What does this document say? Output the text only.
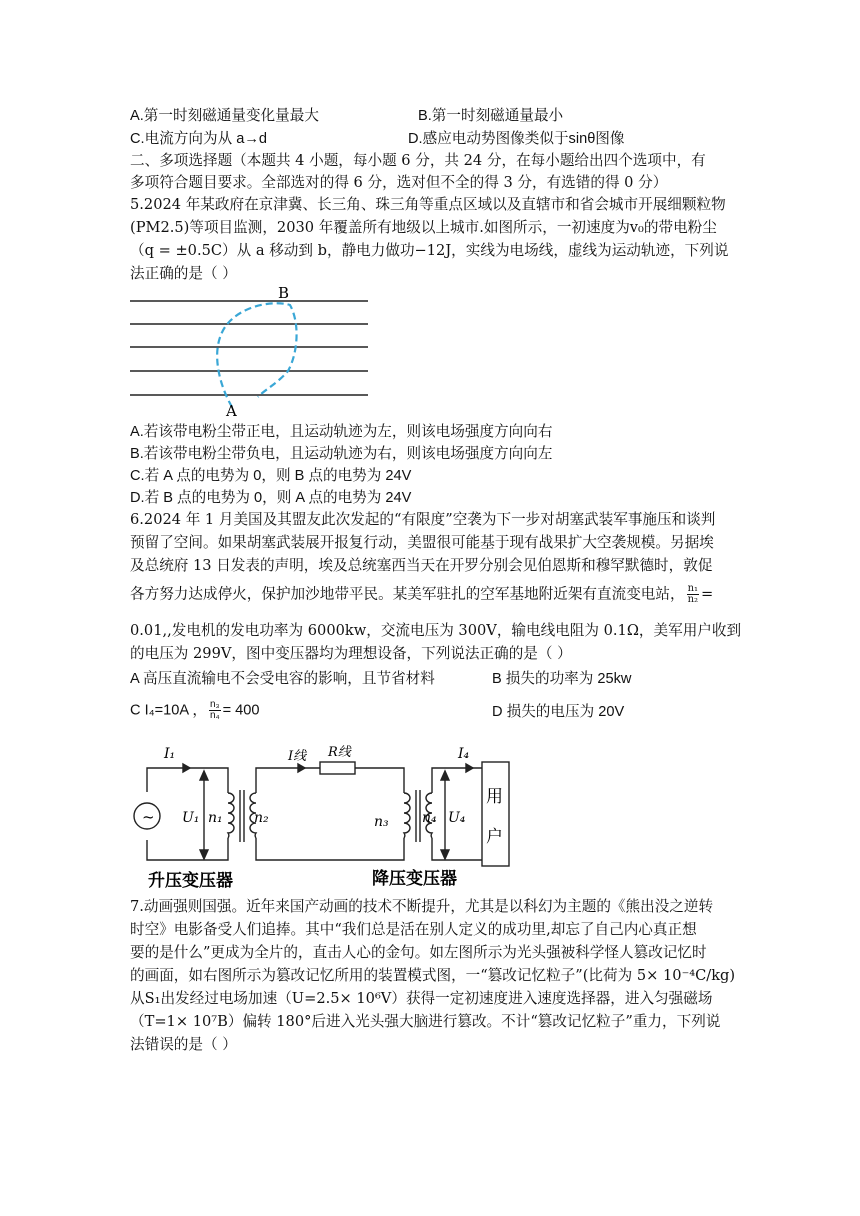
A.第一时刻磁通量变化量最大	B.第一时刻磁通量最小
C.电流方向为从 a→d	D.感应电动势图像类似于sinθ图像
二、多项选择题（本题共 4 小题，每小题 6 分，共 24 分，在每小题给出四个选项中，有
多项符合题目要求。全部选对的得 6 分，选对但不全的得 3 分，有选错的得 0 分）
5.2024 年某政府在京津冀、长三角、珠三角等重点区域以及直辖市和省会城市开展细颗粒物
(PM2.5)等项目监测，2030 年覆盖所有地级以上城市.如图所示，一初速度为v₀的带电粉尘
（q = ±0.5C）从 a 移动到 b，静电力做功−12J，实线为电场线，虚线为运动轨迹，下列说
法正确的是（ ）
B
A
A.若该带电粉尘带正电，且运动轨迹为左，则该电场强度方向向右
B.若该带电粉尘带负电，且运动轨迹为右，则该电场强度方向向左
C.若 A 点的电势为 0，则 B 点的电势为 24V
D.若 B 点的电势为 0，则 A 点的电势为 24V
6.2024 年 1 月美国及其盟友此次发起的“有限度”空袭为下一步对胡塞武装军事施压和谈判
预留了空间。如果胡塞武装展开报复行动，美盟很可能基于现有战果扩大空袭规模。另据埃
及总统府 13 日发表的声明，埃及总统塞西当天在开罗分别会见伯恩斯和穆罕默德时，敦促
各方努力达成停火，保护加沙地带平民。某美军驻扎的空军基地附近架有直流变电站， $\frac{\text{n₁}}{\text{n₂}}$ =
0.01,,发电机的发电功率为 6000kw，交流电压为 300V，输电线电阻为 0.1Ω，美军用户收到
的电压为 299V，图中变压器均为理想设备，下列说法正确的是（ ）
A 高压直流输电不会受电容的影响，且节省材料	B 损失的功率为 25kw
C I₄=10A ， $\frac{\text{n₃}}{\text{n₄}} = 400$	D 损失的电压为 20V
~
I₁
U₁ n₁ n₂
I线 R线
n₃ n₄ U₄
I₄
用
户
升压变压器	降压变压器
7.动画强则国强。近年来国产动画的技术不断提升，尤其是以科幻为主题的《熊出没之逆转
时空》电影备受人们追捧。其中“我们总是活在别人定义的成功里,却忘了自己内心真正想
要的是什么”更成为全片的，直击人心的金句。如左图所示为光头强被科学怪人篡改记忆时
的画面，如右图所示为篡改记忆所用的装置模式图，一“篡改记忆粒子”(比荷为 5× 10⁻⁴C/kg)
从S₁出发经过电场加速（U=2.5× 10⁶V）获得一定初速度进入速度选择器，进入匀强磁场
（T=1× 10⁷B）偏转 180°后进入光头强大脑进行篡改。不计“篡改记忆粒子”重力，下列说
法错误的是（ ）
